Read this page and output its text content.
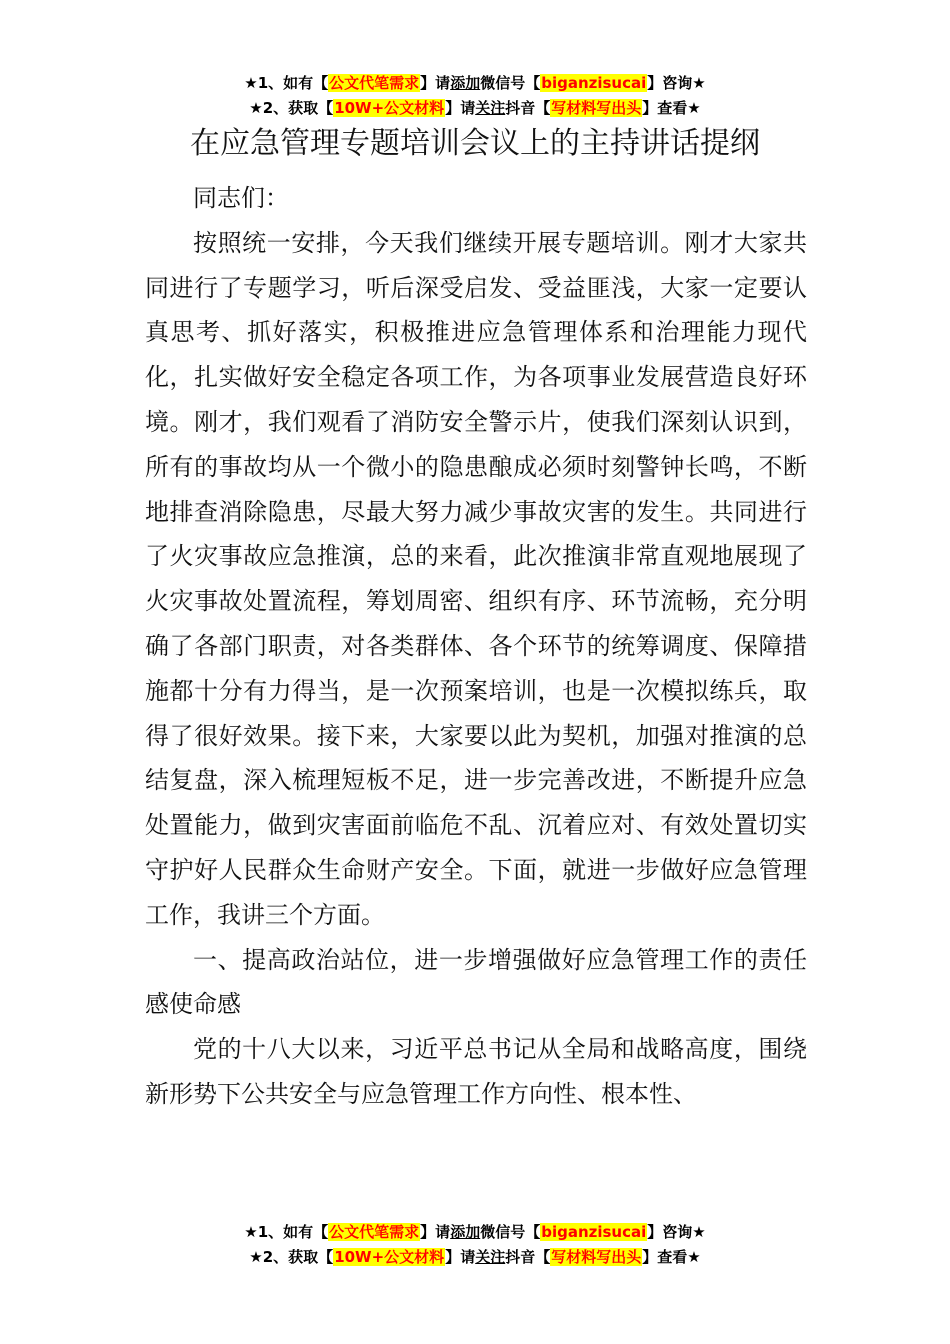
★1、如有【公文代笔需求】请添加微信号【biganzisucai】咨询★
★2、获取【10W+公文材料】请关注抖音【写材料写出头】查看★
在应急管理专题培训会议上的主持讲话提纲

同志们：

按照统一安排，今天我们继续开展专题培训。刚才大家共同进行了专题学习，听后深受启发、受益匪浅，大家一定要认真思考、抓好落实，积极推进应急管理体系和治理能力现代化，扎实做好安全稳定各项工作，为各项事业发展营造良好环境。刚才，我们观看了消防安全警示片，使我们深刻认识到，所有的事故均从一个微小的隐患酿成必须时刻警钟长鸣，不断地排查消除隐患，尽最大努力减少事故灾害的发生。共同进行了火灾事故应急推演，总的来看，此次推演非常直观地展现了火灾事故处置流程，筹划周密、组织有序、环节流畅，充分明确了各部门职责，对各类群体、各个环节的统筹调度、保障措施都十分有力得当，是一次预案培训，也是一次模拟练兵，取得了很好效果。接下来，大家要以此为契机，加强对推演的总结复盘，深入梳理短板不足，进一步完善改进，不断提升应急处置能力，做到灾害面前临危不乱、沉着应对、有效处置切实守护好人民群众生命财产安全。下面，就进一步做好应急管理工作，我讲三个方面。

一、提高政治站位，进一步增强做好应急管理工作的责任感使命感

党的十八大以来，习近平总书记从全局和战略高度，围绕新形势下公共安全与应急管理工作方向性、根本性、

★1、如有【公文代笔需求】请添加微信号【biganzisucai】咨询★
★2、获取【10W+公文材料】请关注抖音【写材料写出头】查看★
